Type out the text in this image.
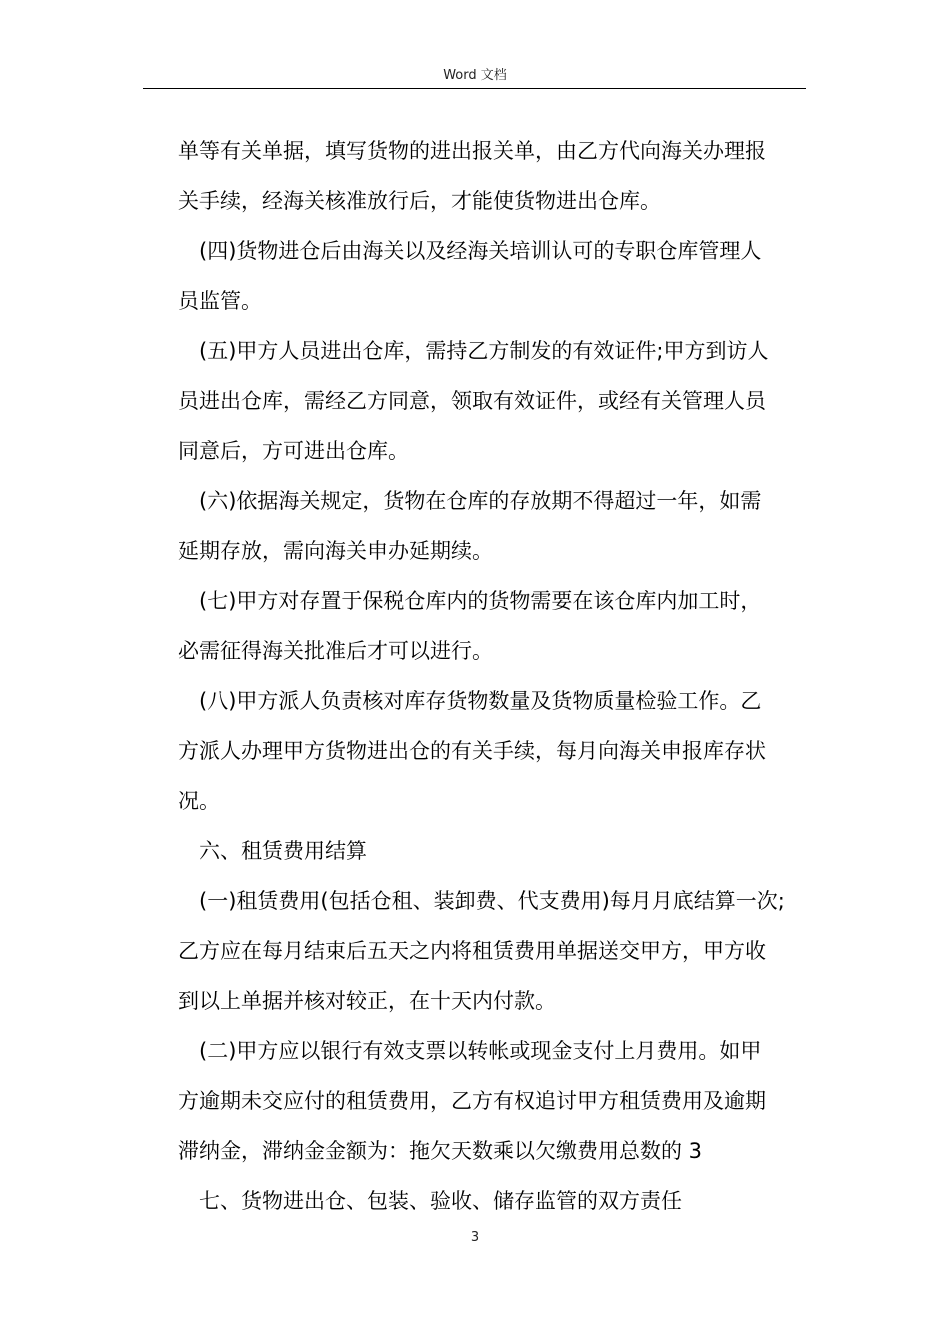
Word 文档
单等有关单据，填写货物的进出报关单，由乙方代向海关办理报
关手续，经海关核准放行后，才能使货物进出仓库。
(四)货物进仓后由海关以及经海关培训认可的专职仓库管理人
员监管。
(五)甲方人员进出仓库，需持乙方制发的有效证件;甲方到访人
员进出仓库，需经乙方同意，领取有效证件，或经有关管理人员
同意后，方可进出仓库。
(六)依据海关规定，货物在仓库的存放期不得超过一年，如需
延期存放，需向海关申办延期续。
(七)甲方对存置于保税仓库内的货物需要在该仓库内加工时，
必需征得海关批准后才可以进行。
(八)甲方派人负责核对库存货物数量及货物质量检验工作。乙
方派人办理甲方货物进出仓的有关手续，每月向海关申报库存状
况。
六、租赁费用结算
(一)租赁费用(包括仓租、装卸费、代支费用)每月月底结算一次;
乙方应在每月结束后五天之内将租赁费用单据送交甲方，甲方收
到以上单据并核对较正，在十天内付款。
(二)甲方应以银行有效支票以转帐或现金支付上月费用。如甲
方逾期未交应付的租赁费用，乙方有权追讨甲方租赁费用及逾期
滞纳金，滞纳金金额为：拖欠天数乘以欠缴费用总数的 3
七、货物进出仓、包装、验收、储存监管的双方责任
3
